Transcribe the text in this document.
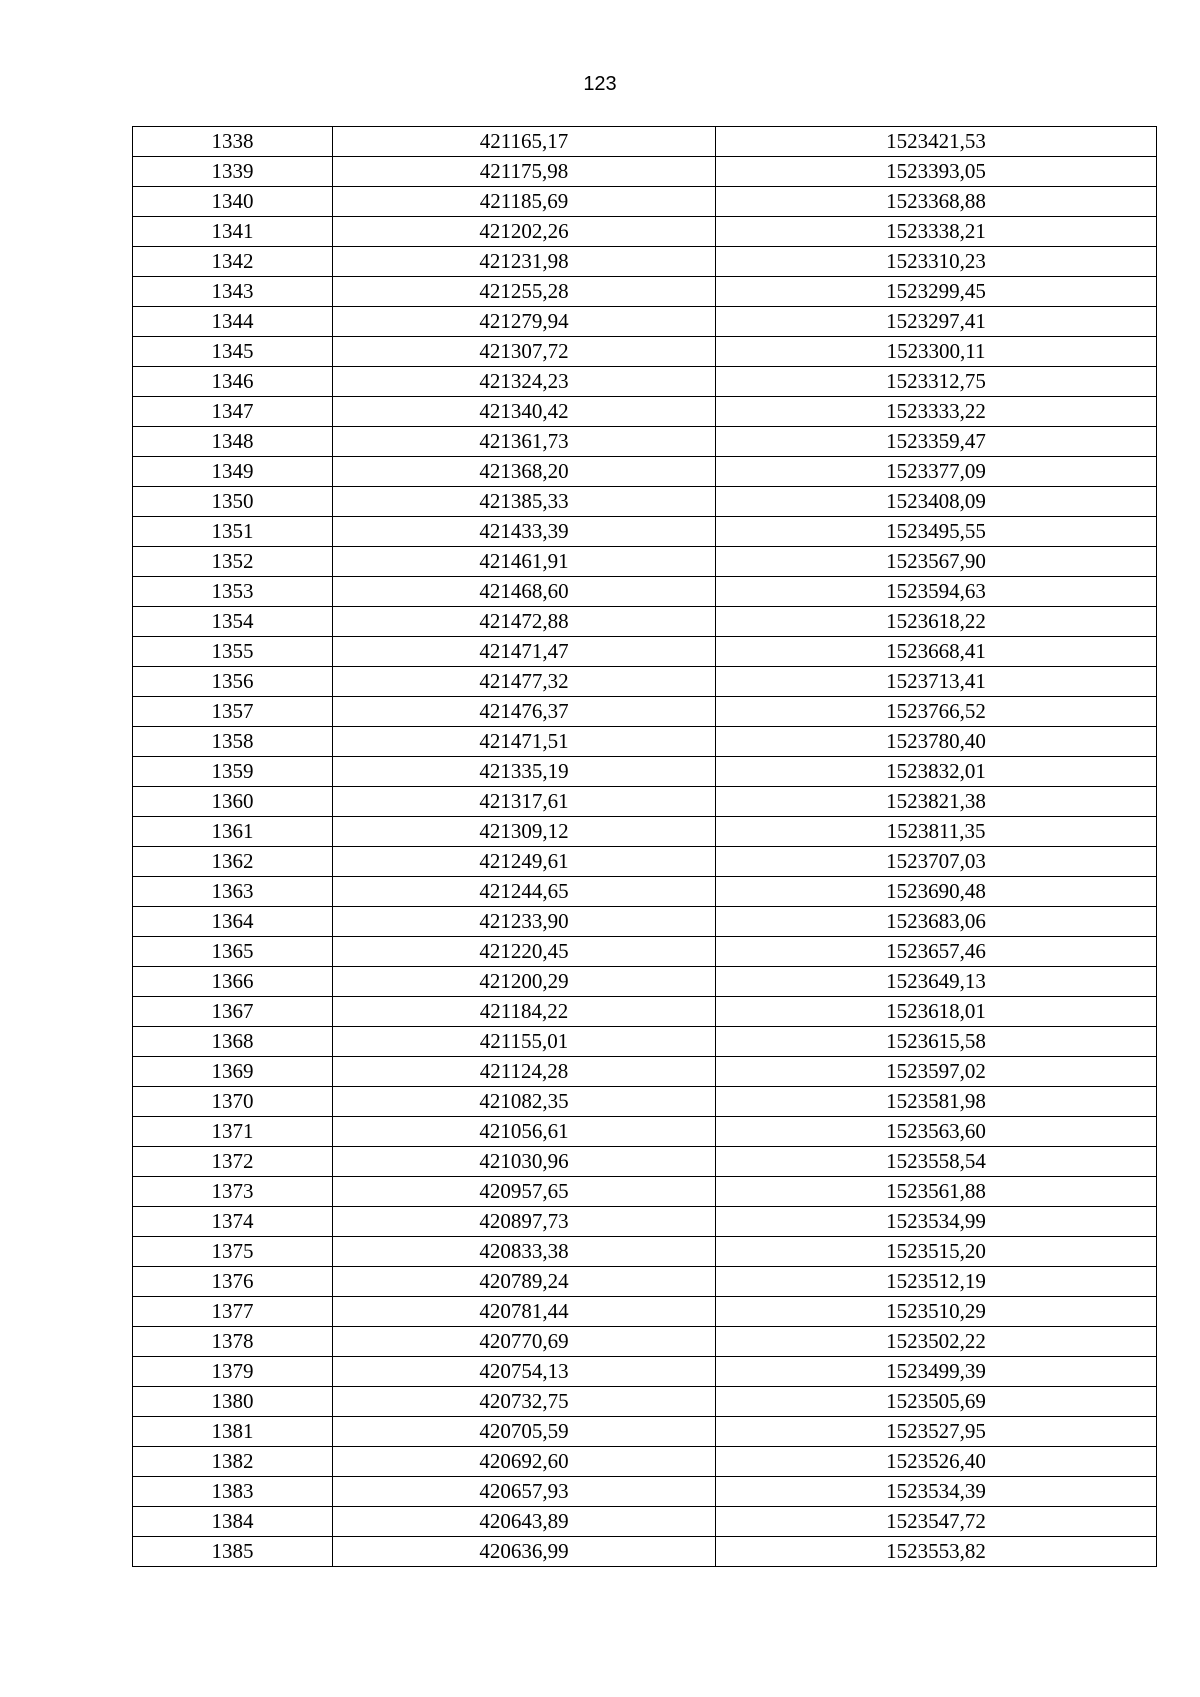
123
1338	421165,17	1523421,53
1339	421175,98	1523393,05
1340	421185,69	1523368,88
1341	421202,26	1523338,21
1342	421231,98	1523310,23
1343	421255,28	1523299,45
1344	421279,94	1523297,41
1345	421307,72	1523300,11
1346	421324,23	1523312,75
1347	421340,42	1523333,22
1348	421361,73	1523359,47
1349	421368,20	1523377,09
1350	421385,33	1523408,09
1351	421433,39	1523495,55
1352	421461,91	1523567,90
1353	421468,60	1523594,63
1354	421472,88	1523618,22
1355	421471,47	1523668,41
1356	421477,32	1523713,41
1357	421476,37	1523766,52
1358	421471,51	1523780,40
1359	421335,19	1523832,01
1360	421317,61	1523821,38
1361	421309,12	1523811,35
1362	421249,61	1523707,03
1363	421244,65	1523690,48
1364	421233,90	1523683,06
1365	421220,45	1523657,46
1366	421200,29	1523649,13
1367	421184,22	1523618,01
1368	421155,01	1523615,58
1369	421124,28	1523597,02
1370	421082,35	1523581,98
1371	421056,61	1523563,60
1372	421030,96	1523558,54
1373	420957,65	1523561,88
1374	420897,73	1523534,99
1375	420833,38	1523515,20
1376	420789,24	1523512,19
1377	420781,44	1523510,29
1378	420770,69	1523502,22
1379	420754,13	1523499,39
1380	420732,75	1523505,69
1381	420705,59	1523527,95
1382	420692,60	1523526,40
1383	420657,93	1523534,39
1384	420643,89	1523547,72
1385	420636,99	1523553,82
